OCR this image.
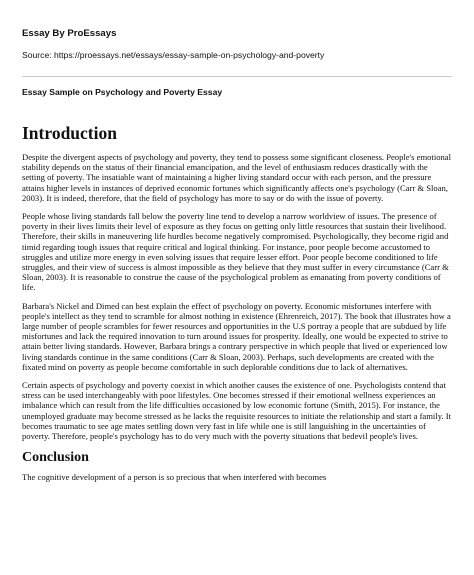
Essay By ProEssays
Source: https://proessays.net/essays/essay-sample-on-psychology-and-poverty
Essay Sample on Psychology and Poverty Essay
Introduction

Despite the divergent aspects of psychology and poverty, they tend to possess some significant closeness. People's emotional stability depends on the status of their financial emancipation, and the level of enthusiasm reduces drastically with the setting of poverty. The insatiable want of maintaining a higher living standard occur with each person, and the pressure attains higher levels in instances of deprived economic fortunes which significantly affects one's psychology (Carr & Sloan, 2003). It is indeed, therefore, that the field of psychology has more to say or do with the issue of poverty.

People whose living standards fall below the poverty line tend to develop a narrow worldview of issues. The presence of poverty in their lives limits their level of exposure as they focus on getting only little resources that sustain their livelihood. Therefore, their skills in maneuvering life hurdles become negatively compromised. Psychologically, they become rigid and timid regarding tough issues that require critical and logical thinking. For instance, poor people become accustomed to struggles and utilize more energy in even solving issues that require lesser effort. Poor people become conditioned to life struggles, and their view of success is almost impossible as they believe that they must suffer in every circumstance (Carr & Sloan, 2003). It is reasonable to construe the cause of the psychological problem as emanating from poverty conditions of life.

Barbara's Nickel and Dimed can best explain the effect of psychology on poverty. Economic misfortunes interfere with people's intellect as they tend to scramble for almost nothing in existence (Ehrenreich, 2017). The book that illustrates how a large number of people scrambles for fewer resources and opportunities in the U.S portray a people that are subdued by life misfortunes and lack the required innovation to turn around issues for prosperity. Ideally, one would be expected to strive to attain better living standards. However, Barbara brings a contrary perspective in which people that lived or experienced low living standards continue in the same conditions (Carr & Sloan, 2003). Perhaps, such developments are created with the fixated mind on poverty as people become comfortable in such deplorable conditions due to lack of alternatives.

Certain aspects of psychology and poverty coexist in which another causes the existence of one. Psychologists contend that stress can be used interchangeably with poor lifestyles. One becomes stressed if their emotional wellness experiences an imbalance which can result from the life difficulties occasioned by low economic fortune (Smith, 2015). For instance, the unemployed graduate may become stressed as he lacks the requisite resources to initiate the relationship and start a family. It becomes traumatic to see age mates settling down very fast in life while one is still languishing in the uncertainties of poverty. Therefore, people's psychology has to do very much with the poverty situations that bedevil people's lives.

Conclusion

The cognitive development of a person is so precious that when interfered with becomes
